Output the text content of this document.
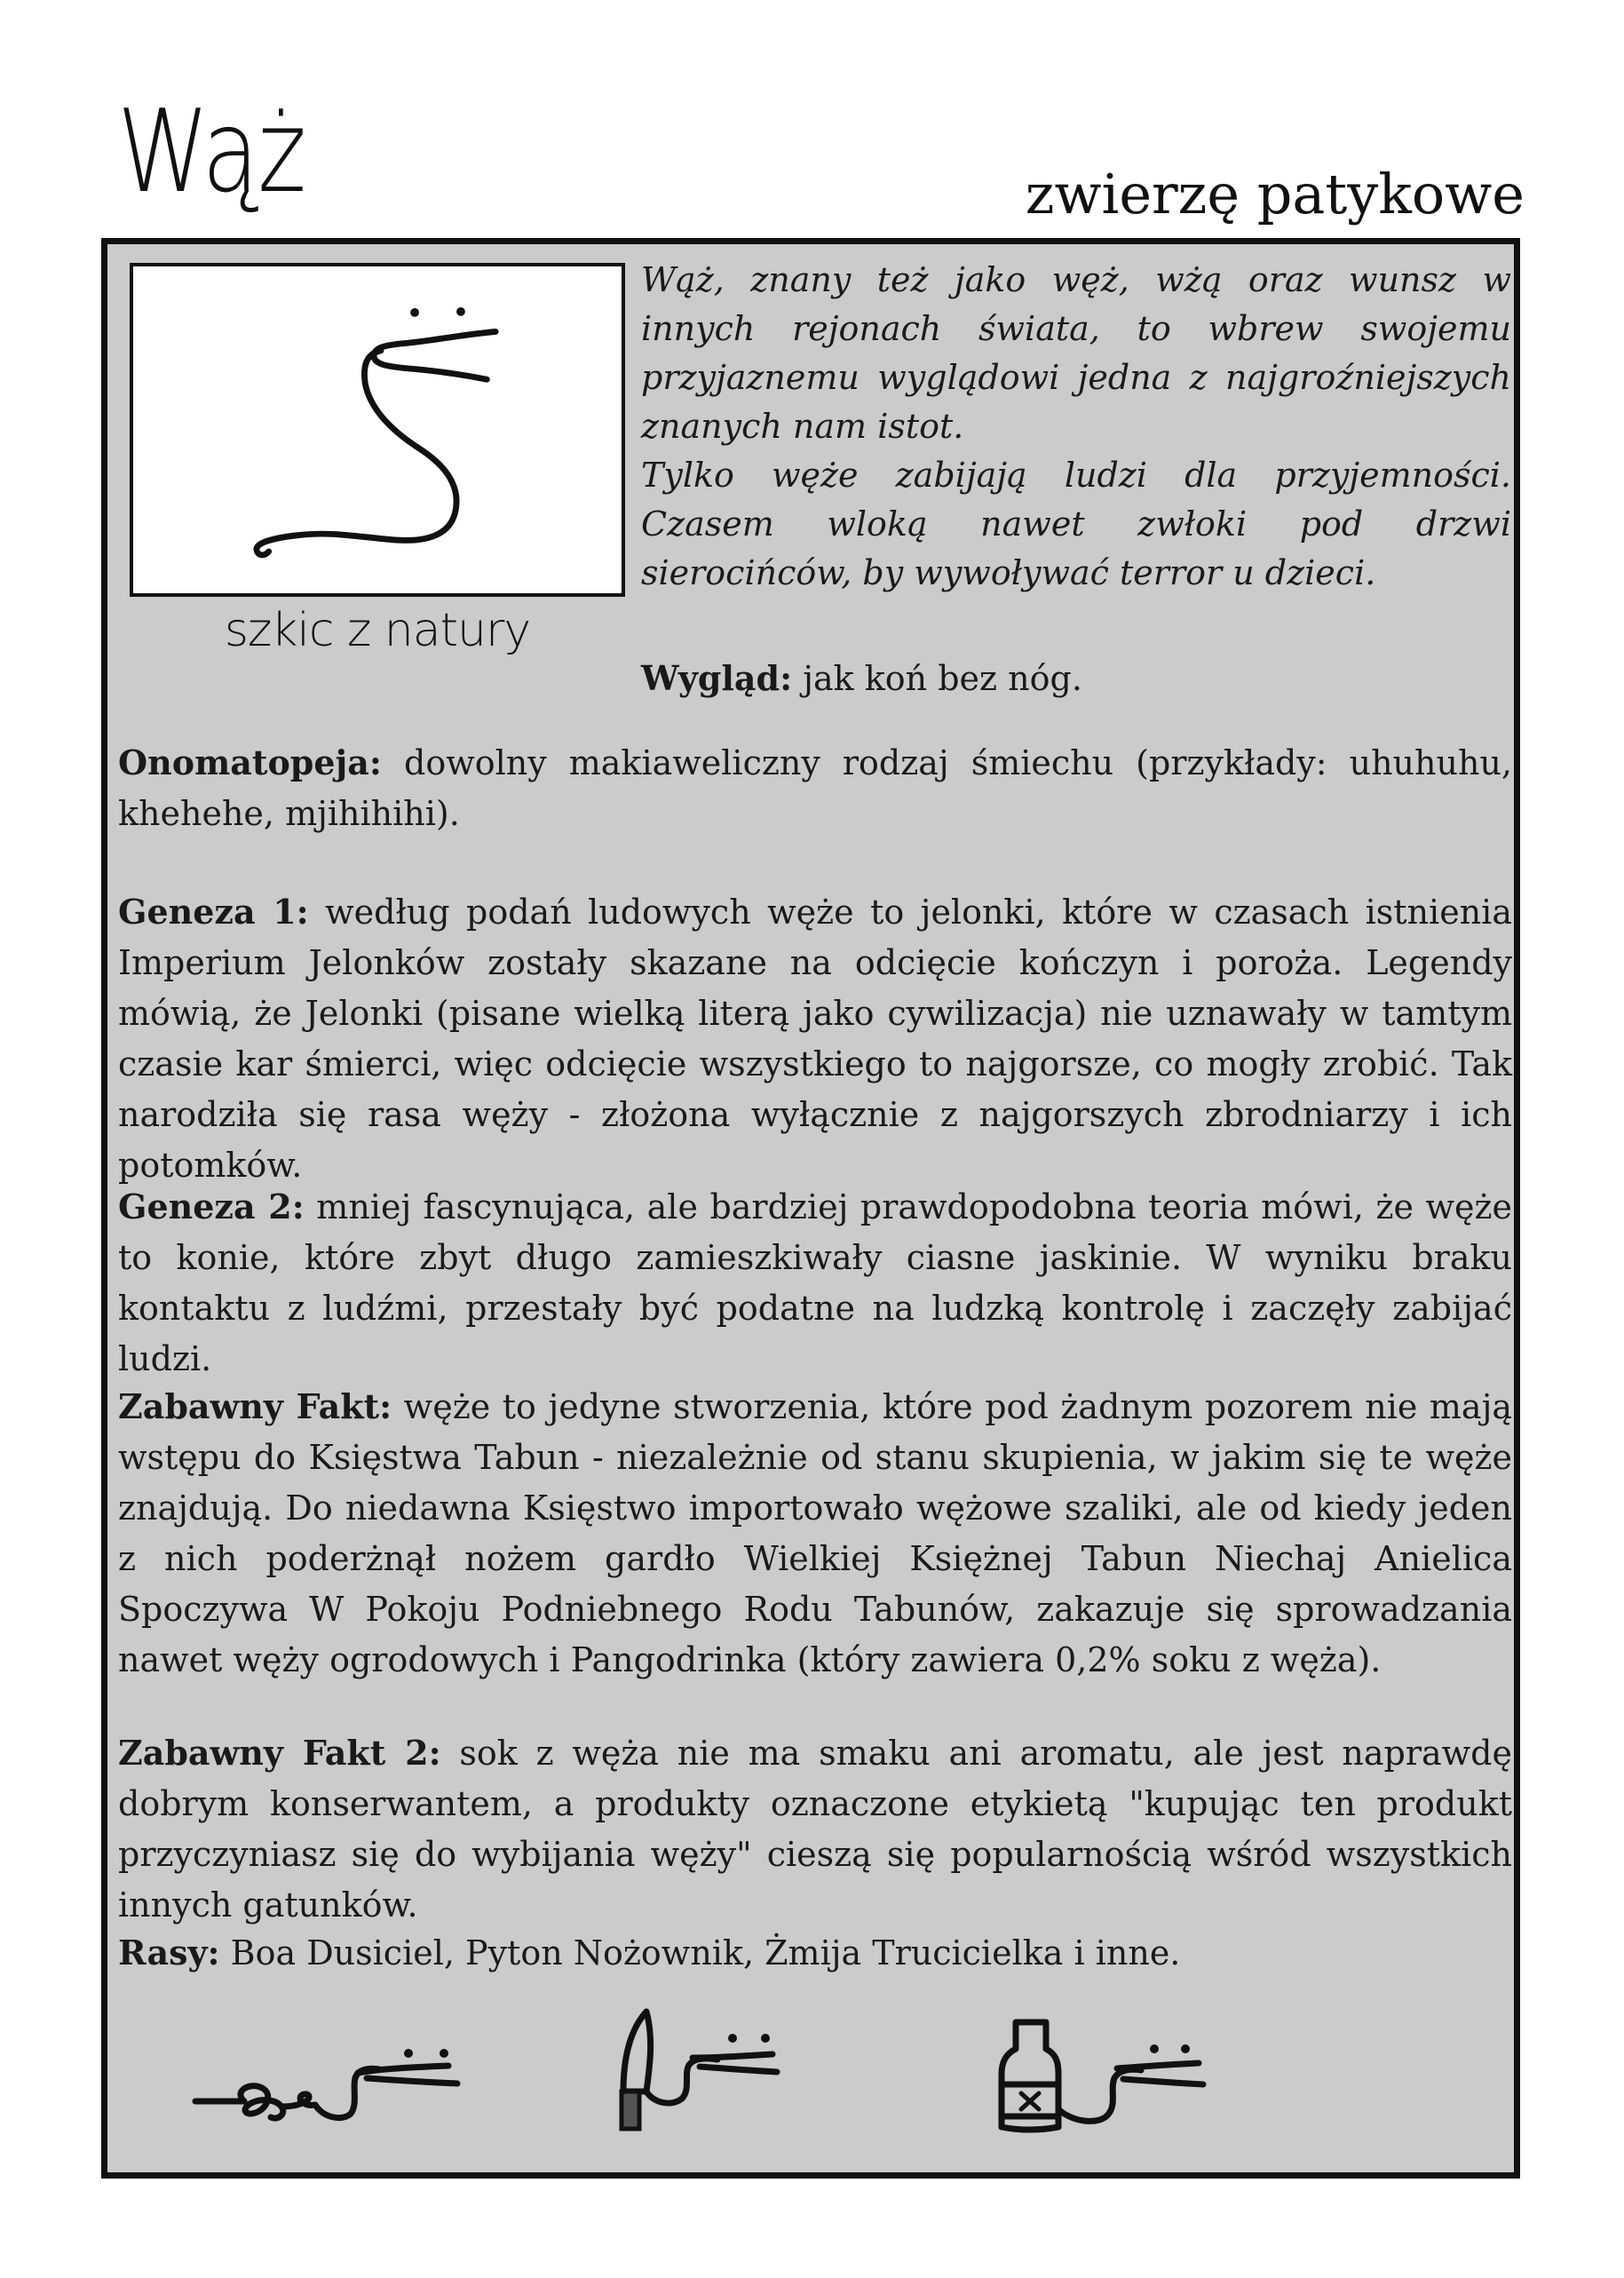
Wąż	zwierzę patykowe
szkic z natury

Wąż, znany też jako węż, wżą oraz wunsz w innych rejonach świata, to wbrew swojemu przyjaznemu wyglądowi jedna z najgroźniejszych znanych nam istot.

Tylko węże zabijają ludzi dla przyjemności. Czasem wloką nawet zwłoki pod drzwi sierocińców, by wywoływać terror u dzieci.

Wygląd: jak koń bez nóg.

Onomatopeja: dowolny makiaweliczny rodzaj śmiechu (przykłady: uhuhuhu, khehehe, mjihihihi).

Geneza 1: według podań ludowych węże to jelonki, które w czasach istnienia Imperium Jelonków zostały skazane na odcięcie kończyn i poroża. Legendy mówią, że Jelonki (pisane wielką literą jako cywilizacja) nie uznawały w tamtym czasie kar śmierci, więc odcięcie wszystkiego to najgorsze, co mogły zrobić. Tak narodziła się rasa węży - złożona wyłącznie z najgorszych zbrodniarzy i ich potomków.

Geneza 2: mniej fascynująca, ale bardziej prawdopodobna teoria mówi, że węże to konie, które zbyt długo zamieszkiwały ciasne jaskinie. W wyniku braku kontaktu z ludźmi, przestały być podatne na ludzką kontrolę i zaczęły zabijać ludzi.

Zabawny Fakt: węże to jedyne stworzenia, które pod żadnym pozorem nie mają wstępu do Księstwa Tabun - niezależnie od stanu skupienia, w jakim się te węże znajdują. Do niedawna Księstwo importowało wężowe szaliki, ale od kiedy jeden z nich poderżnął nożem gardło Wielkiej Księżnej Tabun Niechaj Anielica Spoczywa W Pokoju Podniebnego Rodu Tabunów, zakazuje się sprowadzania nawet węży ogrodowych i Pangodrinka (który zawiera 0,2% soku z węża).

Zabawny Fakt 2: sok z węża nie ma smaku ani aromatu, ale jest naprawdę dobrym konserwantem, a produkty oznaczone etykietą "kupując ten produkt przyczyniasz się do wybijania węży" cieszą się popularnością wśród wszystkich innych gatunków.

Rasy: Boa Dusiciel, Pyton Nożownik, Żmija Trucicielka i inne.
